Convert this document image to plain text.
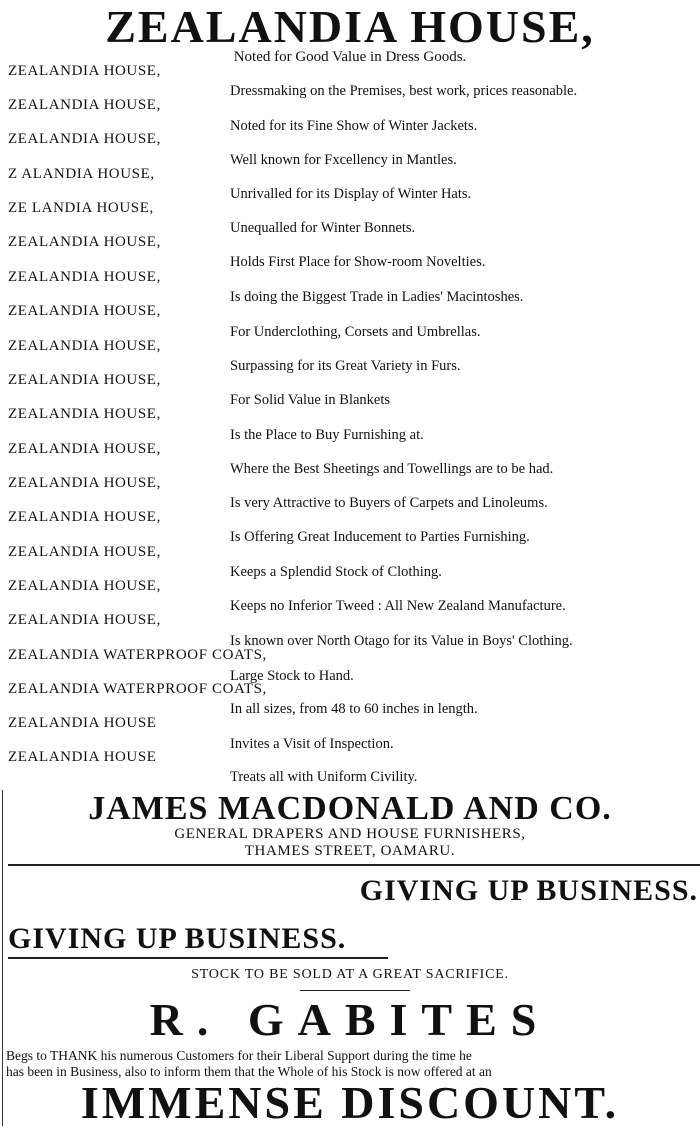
ZEALANDIA HOUSE,
Noted for Good Value in Dress Goods.
ZEALANDIA HOUSE,
Dressmaking on the Premises, best work, prices reasonable.
ZEALANDIA HOUSE,
Noted for its Fine Show of Winter Jackets.
ZEALANDIA HOUSE,
Well known for Fxcellency in Mantles.
Z ALANDIA HOUSE,
Unrivalled for its Display of Winter Hats.
ZE LANDIA HOUSE,
Unequalled for Winter Bonnets.
ZEALANDIA HOUSE,
Holds First Place for Show-room Novelties.
ZEALANDIA HOUSE,
Is doing the Biggest Trade in Ladies' Macintoshes.
ZEALANDIA HOUSE,
For Underclothing, Corsets and Umbrellas.
ZEALANDIA HOUSE,
Surpassing for its Great Variety in Furs.
ZEALANDIA HOUSE,
For Solid Value in Blankets
ZEALANDIA HOUSE,
Is the Place to Buy Furnishing at.
ZEALANDIA HOUSE,
Where the Best Sheetings and Towellings are to be had.
ZEALANDIA HOUSE,
Is very Attractive to Buyers of Carpets and Linoleums.
ZEALANDIA HOUSE,
Is Offering Great Inducement to Parties Furnishing.
ZEALANDIA HOUSE,
Keeps a Splendid Stock of Clothing.
ZEALANDIA HOUSE,
Keeps no Inferior Tweed : All New Zealand Manufacture.
ZEALANDIA HOUSE,
Is known over North Otago for its Value in Boys' Clothing.
ZEALANDIA WATERPROOF COATS,
Large Stock to Hand.
ZEALANDIA WATERPROOF COATS,
In all sizes, from 48 to 60 inches in length.
ZEALANDIA HOUSE
Invites a Visit of Inspection.
ZEALANDIA HOUSE
Treats all with Uniform Civility.
JAMES MACDONALD AND CO.
GENERAL DRAPERS AND HOUSE FURNISHERS,
THAMES STREET, OAMARU.
GIVING UP BUSINESS.
GIVING UP BUSINESS.
STOCK TO BE SOLD AT A GREAT SACRIFICE.
R. GABITES
Begs to THANK his numerous Customers for their Liberal Support during the time he
has been in Business, also to inform them that the Whole of his Stock is now offered at an
IMMENSE DISCOUNT.
